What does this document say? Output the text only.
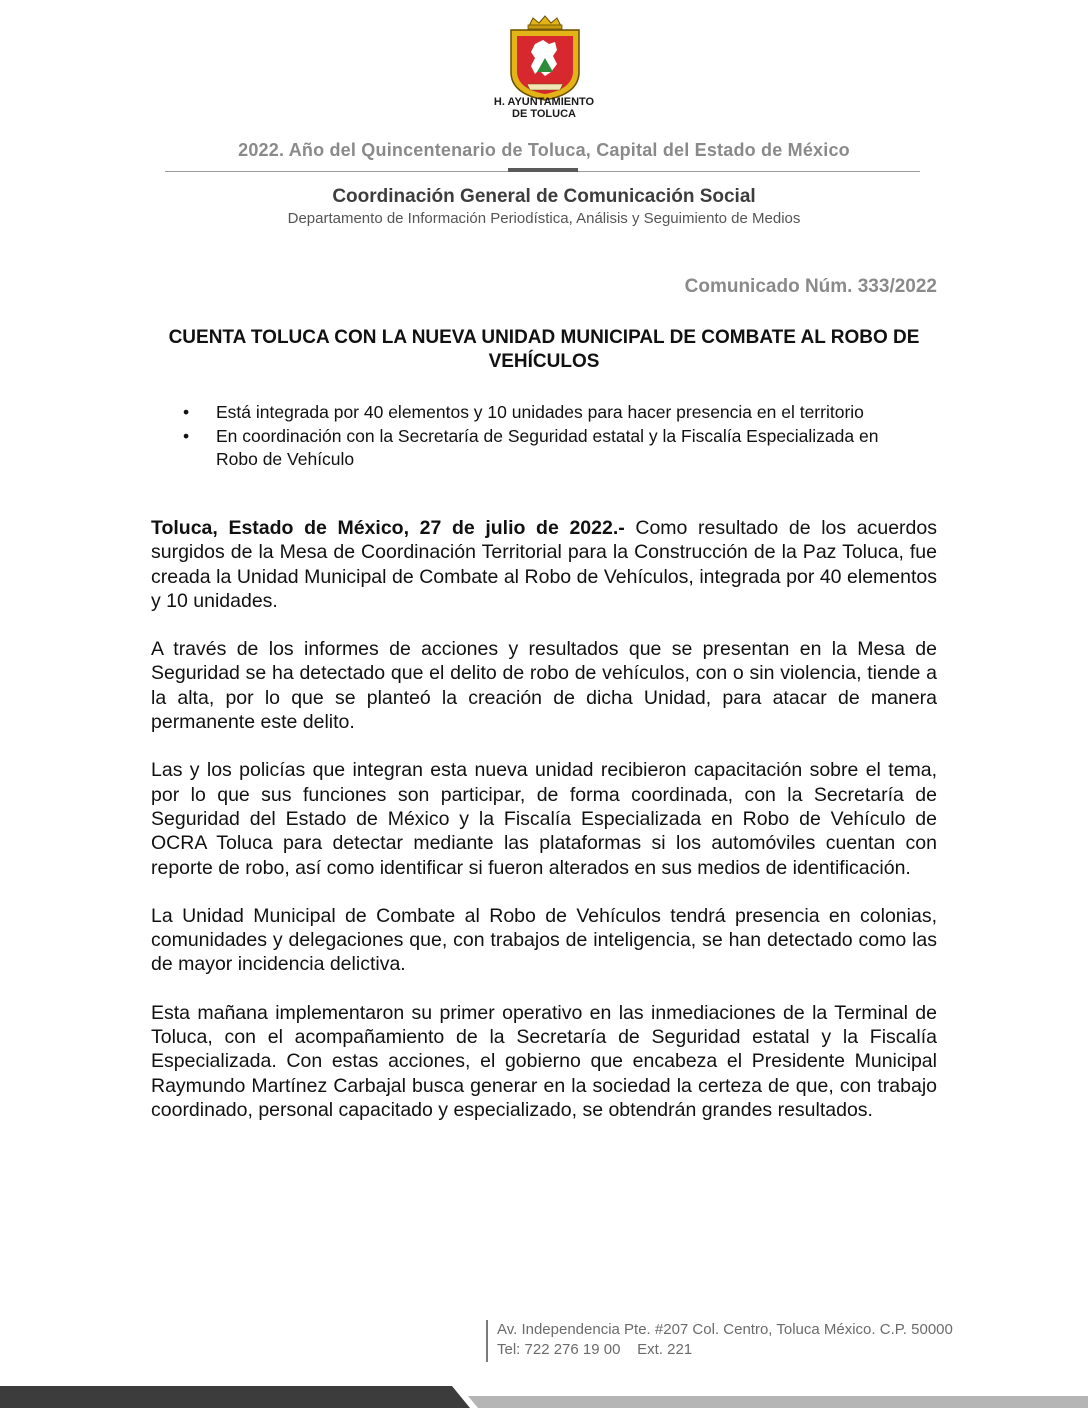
H. AYUNTAMIENTO
DE TOLUCA
2022. Año del Quincentenario de Toluca, Capital del Estado de México
Coordinación General de Comunicación Social
Departamento de Información Periodística, Análisis y Seguimiento de Medios
Comunicado Núm. 333/2022
CUENTA TOLUCA CON LA NUEVA UNIDAD MUNICIPAL DE COMBATE AL ROBO DE VEHÍCULOS
• Está integrada por 40 elementos y 10 unidades para hacer presencia en el territorio
• En coordinación con la Secretaría de Seguridad estatal y la Fiscalía Especializada en Robo de Vehículo

Toluca, Estado de México, 27 de julio de 2022.- Como resultado de los acuerdos surgidos de la Mesa de Coordinación Territorial para la Construcción de la Paz Toluca, fue creada la Unidad Municipal de Combate al Robo de Vehículos, integrada por 40 elementos y 10 unidades.

A través de los informes de acciones y resultados que se presentan en la Mesa de Seguridad se ha detectado que el delito de robo de vehículos, con o sin violencia, tiende a la alta, por lo que se planteó la creación de dicha Unidad, para atacar de manera permanente este delito.

Las y los policías que integran esta nueva unidad recibieron capacitación sobre el tema, por lo que sus funciones son participar, de forma coordinada, con la Secretaría de Seguridad del Estado de México y la Fiscalía Especializada en Robo de Vehículo de OCRA Toluca para detectar mediante las plataformas si los automóviles cuentan con reporte de robo, así como identificar si fueron alterados en sus medios de identificación.

La Unidad Municipal de Combate al Robo de Vehículos tendrá presencia en colonias, comunidades y delegaciones que, con trabajos de inteligencia, se han detectado como las de mayor incidencia delictiva.

Esta mañana implementaron su primer operativo en las inmediaciones de la Terminal de Toluca, con el acompañamiento de la Secretaría de Seguridad estatal y la Fiscalía Especializada. Con estas acciones, el gobierno que encabeza el Presidente Municipal Raymundo Martínez Carbajal busca generar en la sociedad la certeza de que, con trabajo coordinado, personal capacitado y especializado, se obtendrán grandes resultados.

Av. Independencia Pte. #207 Col. Centro, Toluca México. C.P. 50000
Tel: 722 276 19 00 Ext. 221
